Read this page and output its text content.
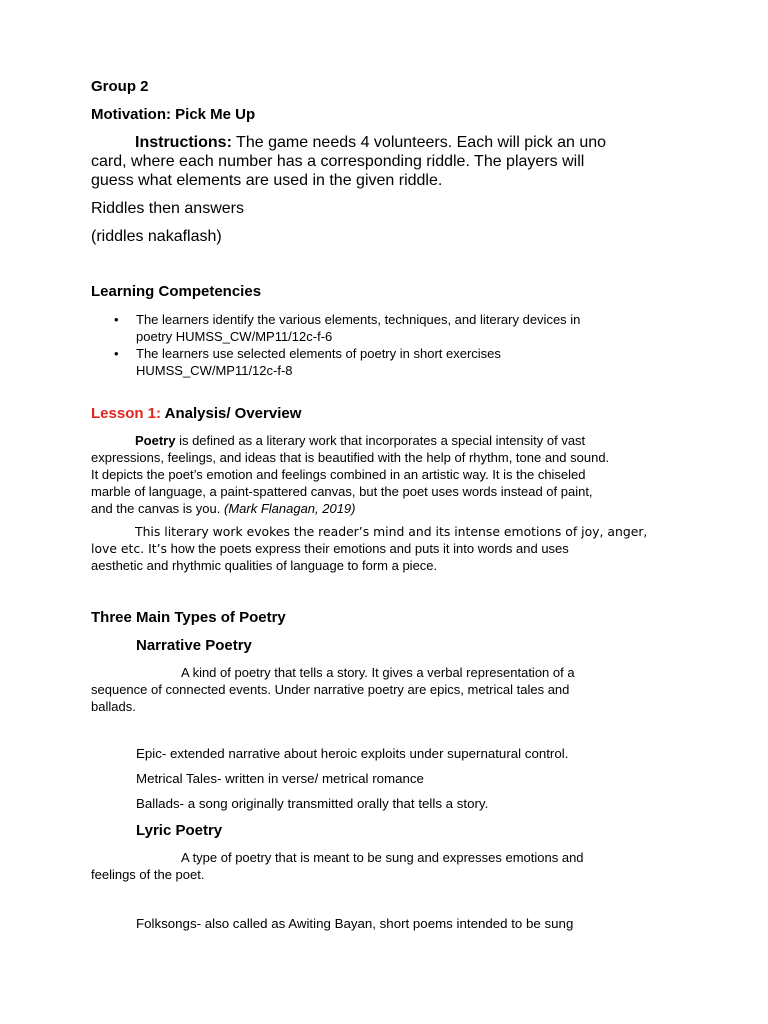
Group 2

Motivation: Pick Me Up

Instructions: The game needs 4 volunteers. Each will pick an uno
card, where each number has a corresponding riddle. The players will
guess what elements are used in the given riddle.

Riddles then answers

(riddles nakaflash)

Learning Competencies

• The learners identify the various elements, techniques, and literary devices in
poetry HUMSS_CW/MP11/12c-f-6
• The learners use selected elements of poetry in short exercises
HUMSS_CW/MP11/12c-f-8

Lesson 1: Analysis/ Overview

Poetry is defined as a literary work that incorporates a special intensity of vast
expressions, feelings, and ideas that is beautified with the help of rhythm, tone and sound.
It depicts the poet’s emotion and feelings combined in an artistic way. It is the chiseled
marble of language, a paint-spattered canvas, but the poet uses words instead of paint,
and the canvas is you. (Mark Flanagan, 2019)
This literary work evokes the reader’s mind and its intense emotions of joy, anger,
love etc. It’s how the poets express their emotions and puts it into words and uses
aesthetic and rhythmic qualities of language to form a piece.

Three Main Types of Poetry

Narrative Poetry

A kind of poetry that tells a story. It gives a verbal representation of a
sequence of connected events. Under narrative poetry are epics, metrical tales and
ballads.

Epic- extended narrative about heroic exploits under supernatural control.

Metrical Tales- written in verse/ metrical romance

Ballads- a song originally transmitted orally that tells a story.

Lyric Poetry

A type of poetry that is meant to be sung and expresses emotions and
feelings of the poet.

Folksongs- also called as Awiting Bayan, short poems intended to be sung
